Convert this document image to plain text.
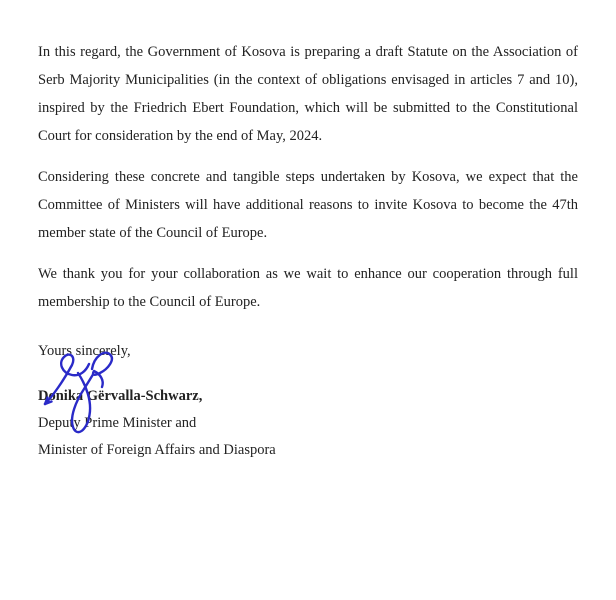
In this regard, the Government of Kosova is preparing a draft Statute on the Association of Serb Majority Municipalities (in the context of obligations envisaged in articles 7 and 10), inspired by the Friedrich Ebert Foundation, which will be submitted to the Constitutional Court for consideration by the end of May, 2024.

Considering these concrete and tangible steps undertaken by Kosova, we expect that the Committee of Ministers will have additional reasons to invite Kosova to become the 47th member state of the Council of Europe.

We thank you for your collaboration as we wait to enhance our cooperation through full membership to the Council of Europe.

Yours sincerely,

Donika Gërvalla-Schwarz,

Deputy Prime Minister and

Minister of Foreign Affairs and Diaspora
